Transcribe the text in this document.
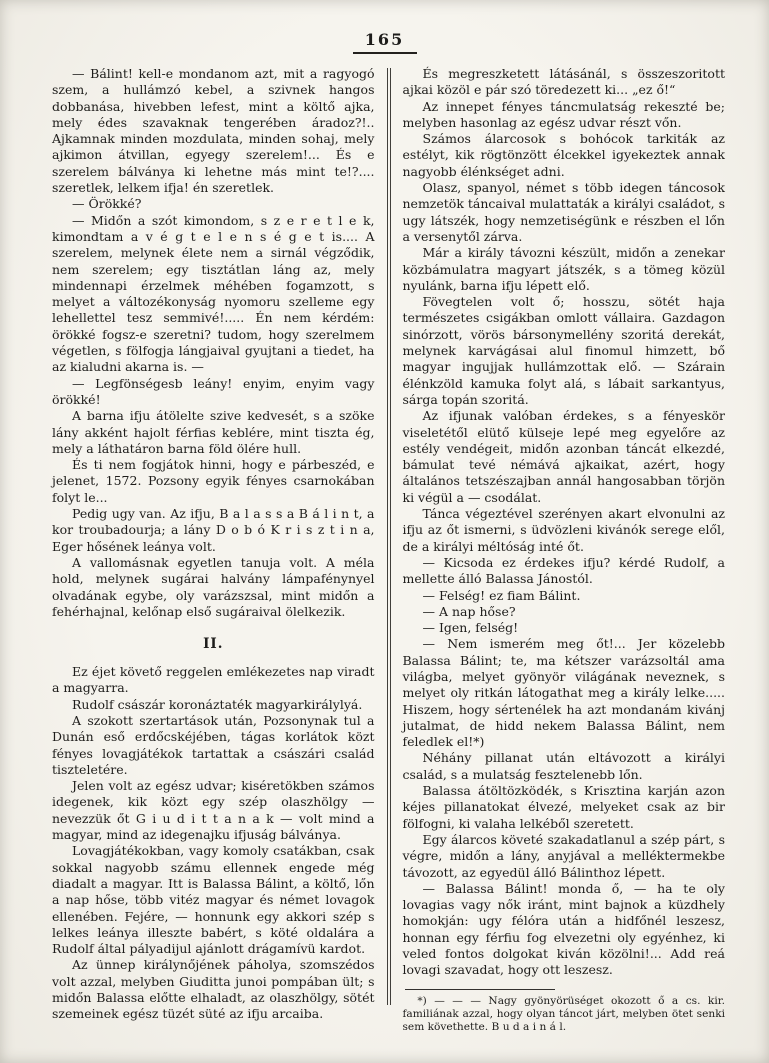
165
— Bálint! kell-e mondanom azt, mit a ragyogó szem, a hullámzó kebel, a szivnek hangos dobbanása, hivebben lefest, mint a költő ajka, mely édes szavaknak tengerében áradoz?!.. Ajkamnak minden mozdulata, minden sohaj, mely ajkimon átvillan, egyegy szerelem!... És e szerelem bálványa ki lehetne más mint te!?.... szeretlek, lelkem ifja! én szeretlek.
— Örökké?
— Midőn a szót kimondom, s z e r e t l e k, kimondtam a v é g t e l e n s é g e t is.... A szerelem, melynek élete nem a sirnál végződik, nem szerelem; egy tisztátlan láng az, mely mindennapi érzelmek méhében fogamzott, s melyet a változékonyság nyomoru szelleme egy lehellettel tesz semmivé!..... Én nem kérdém: örökké fogsz-e szeretni? tudom, hogy szerelmem végetlen, s fölfogja lángjaival gyujtani a tiedet, ha az kialudni akarna is. —
— Legfönségesb leány! enyim, enyim vagy örökké!
A barna ifju átölelte szive kedvesét, s a szöke lány akként hajolt férfias keblére, mint tiszta ég, mely a láthatáron barna föld ölére hull.
És ti nem fogjátok hinni, hogy e párbeszéd, e jelenet, 1572. Pozsony egyik fényes csarnokában folyt le...
Pedig ugy van. Az ifju, B a l a s s a B á l i n t, a kor troubadourja; a lány D o b ó K r i s z t i n a, Eger hősének leánya volt.
A vallomásnak egyetlen tanuja volt. A méla hold, melynek sugárai halvány lámpafénynyel olvadának egybe, oly varázszsal, mint midőn a fehérhajnal, kelőnap első sugáraival ölelkezik.
II.
Ez éjet követő reggelen emlékezetes nap viradt a magyarra.
Rudolf császár koronáztaték magyarkirálylyá.
A szokott szertartások után, Pozsonynak tul a Dunán eső erdőcskéjében, tágas korlátok közt fényes lovagjátékok tartattak a császári család tiszteletére.
Jelen volt az egész udvar; kiséretökben számos idegenek, kik közt egy szép olaszhölgy — nevezzük őt G i u d i t t a n a k — volt mind a magyar, mind az idegenajku ifjuság bálványa.
Lovagjátékokban, vagy komoly csatákban, csak sokkal nagyobb számu ellennek engede még diadalt a magyar. Itt is Balassa Bálint, a költő, lőn a nap hőse, több vitéz magyar és német lovagok ellenében. Fejére, — honnunk egy akkori szép s lelkes leánya illeszte babért, s köté oldalára a Rudolf által pályadijul ajánlott drágamívü kardot.
Az ünnep királynőjének páholya, szomszédos volt azzal, melyben Giuditta junoi pompában ült; s midőn Balassa előtte elhaladt, az olaszhölgy, sötét szemeinek egész tüzét süté az ifju arcaiba.
És megreszketett látásánál, s összeszoritott ajkai közöl e pár szó töredezett ki... „ez ő!“
Az innepet fényes táncmulatság rekeszté be; melyben hasonlag az egész udvar részt vőn.
Számos álarcosok s bohócok tarkiták az estélyt, kik rögtönzött élcekkel igyekeztek annak nagyobb élénkséget adni.
Olasz, spanyol, német s több idegen táncosok nemzetök táncaival mulattaták a királyi családot, s ugy látszék, hogy nemzetiségünk e részben el lőn a versenytől zárva.
Már a király távozni készült, midőn a zenekar közbámulatra magyart játszék, s a tömeg közül nyulánk, barna ifju lépett elő.
Fövegtelen volt ő; hosszu, sötét haja természetes csigákban omlott vállaira. Gazdagon sinórzott, vörös bársonymellény szoritá derekát, melynek karvágásai alul finomul himzett, bő magyar ingujjak hullámzottak elő. — Szárain élénkzöld kamuka folyt alá, s lábait sarkantyus, sárga topán szoritá.
Az ifjunak valóban érdekes, s a fényeskör viseletétől elütő külseje lepé meg egyelőre az estély vendégeit, midőn azonban táncát elkezdé, bámulat tevé némává ajkaikat, azért, hogy általános tetszészajban annál hangosabban törjön ki végül a — csodálat.
Tánca végeztével szerényen akart elvonulni az ifju az őt ismerni, s üdvözleni kivánók serege elől, de a királyi méltóság inté őt.
— Kicsoda ez érdekes ifju? kérdé Rudolf, a mellette álló Balassa Jánostól.
— Felség! ez fiam Bálint.
— A nap hőse?
— Igen, felség!
— Nem ismerém meg őt!... Jer közelebb Balassa Bálint; te, ma kétszer varázsoltál ama világba, melyet gyönyör világának neveznek, s melyet oly ritkán látogathat meg a király lelke..... Hiszem, hogy sértenélek ha azt mondanám kivánj jutalmat, de hidd nekem Balassa Bálint, nem feledlek el!*)
Néhány pillanat után eltávozott a királyi család, s a mulatság fesztelenebb lőn.
Balassa átöltözködék, s Krisztina karján azon kéjes pillanatokat élvezé, melyeket csak az bir fölfogni, ki valaha lelkéből szeretett.
Egy álarcos követé szakadatlanul a szép párt, s végre, midőn a lány, anyjával a melléktermekbe távozott, az egyedül álló Bálinthoz lépett.
— Balassa Bálint! monda ő, — ha te oly lovagias vagy nők iránt, mint bajnok a küzdhely homokján: ugy félóra után a hidfőnél leszesz, honnan egy férfiu fog elvezetni oly egyénhez, ki veled fontos dolgokat kiván közölni!... Add reá lovagi szavadat, hogy ott leszesz.
*) — — — Nagy gyönyörüséget okozott ő a cs. kir. familiának azzal, hogy olyan táncot járt, melyben ötet senki sem követhette. B u d a i n á l.
